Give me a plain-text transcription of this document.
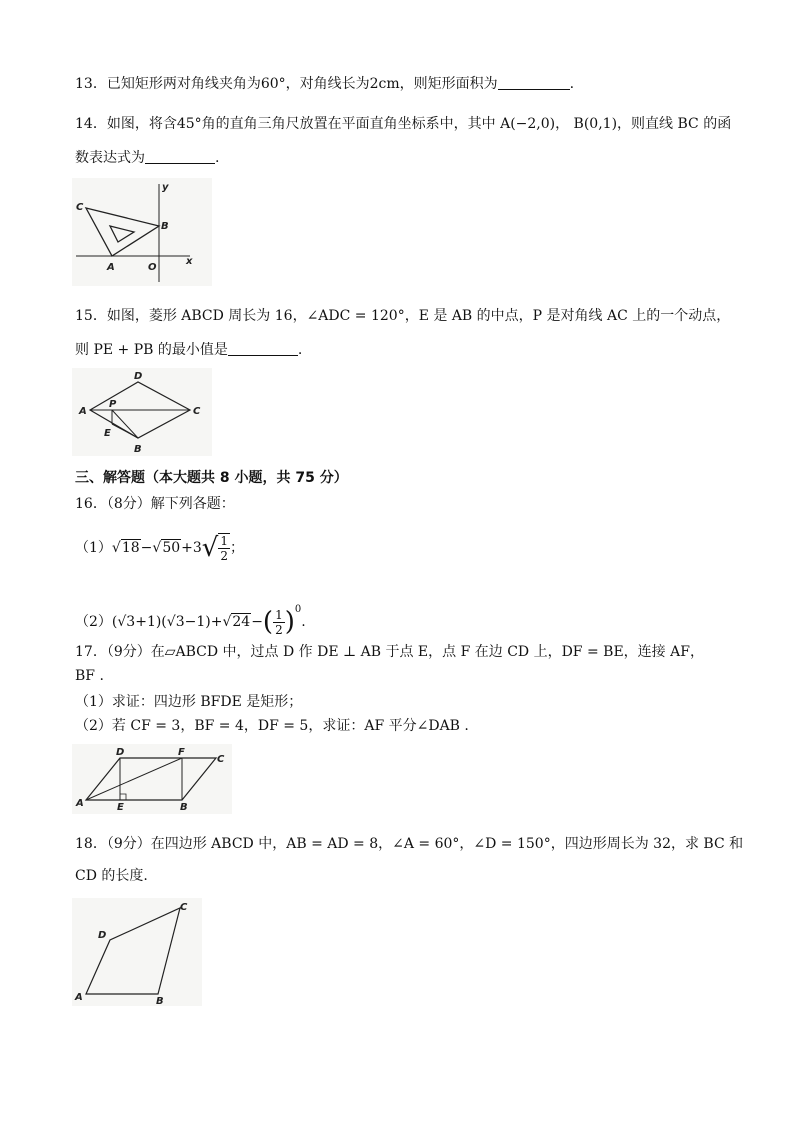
13．已知矩形两对角线夹角为60°，对角线长为2cm，则矩形面积为	.
14．如图，将含45°角的直角三角尺放置在平面直角坐标系中，其中 A(−2,0)， B(0,1)，则直线 BC 的函
数表达式为	.
C
B
A	O
x
y
15．如图，菱形 ABCD 周长为 16，∠ADC = 120°，E 是 AB 的中点，P 是对角线 AC 上的一个动点，
则 PE + PB 的最小值是	.
D
A
P
C
E
B
三、解答题（本大题共 8 小题，共 75 分）
16．（8分）解下列各题：
$(1)√18-√50+3√ \frac{1}{2}$ ；
$(2)(√3+1)(√3-1)+√24-( \frac{1}{2} )^0$.
17．（9分）在▱ABCD 中，过点 D 作 DE ⊥ AB 于点 E，点 F 在边 CD 上，DF = BE，连接 AF，
BF .
（1）求证：四边形 BFDE 是矩形；
（2）若 CF = 3，BF = 4，DF = 5，求证：AF 平分∠DAB .
D	F
C
A	E	B
18．（9分）在四边形 ABCD 中，AB = AD = 8，∠A = 60°，∠D = 150°，四边形周长为 32，求 BC 和
CD 的长度.
C
D
A	B
